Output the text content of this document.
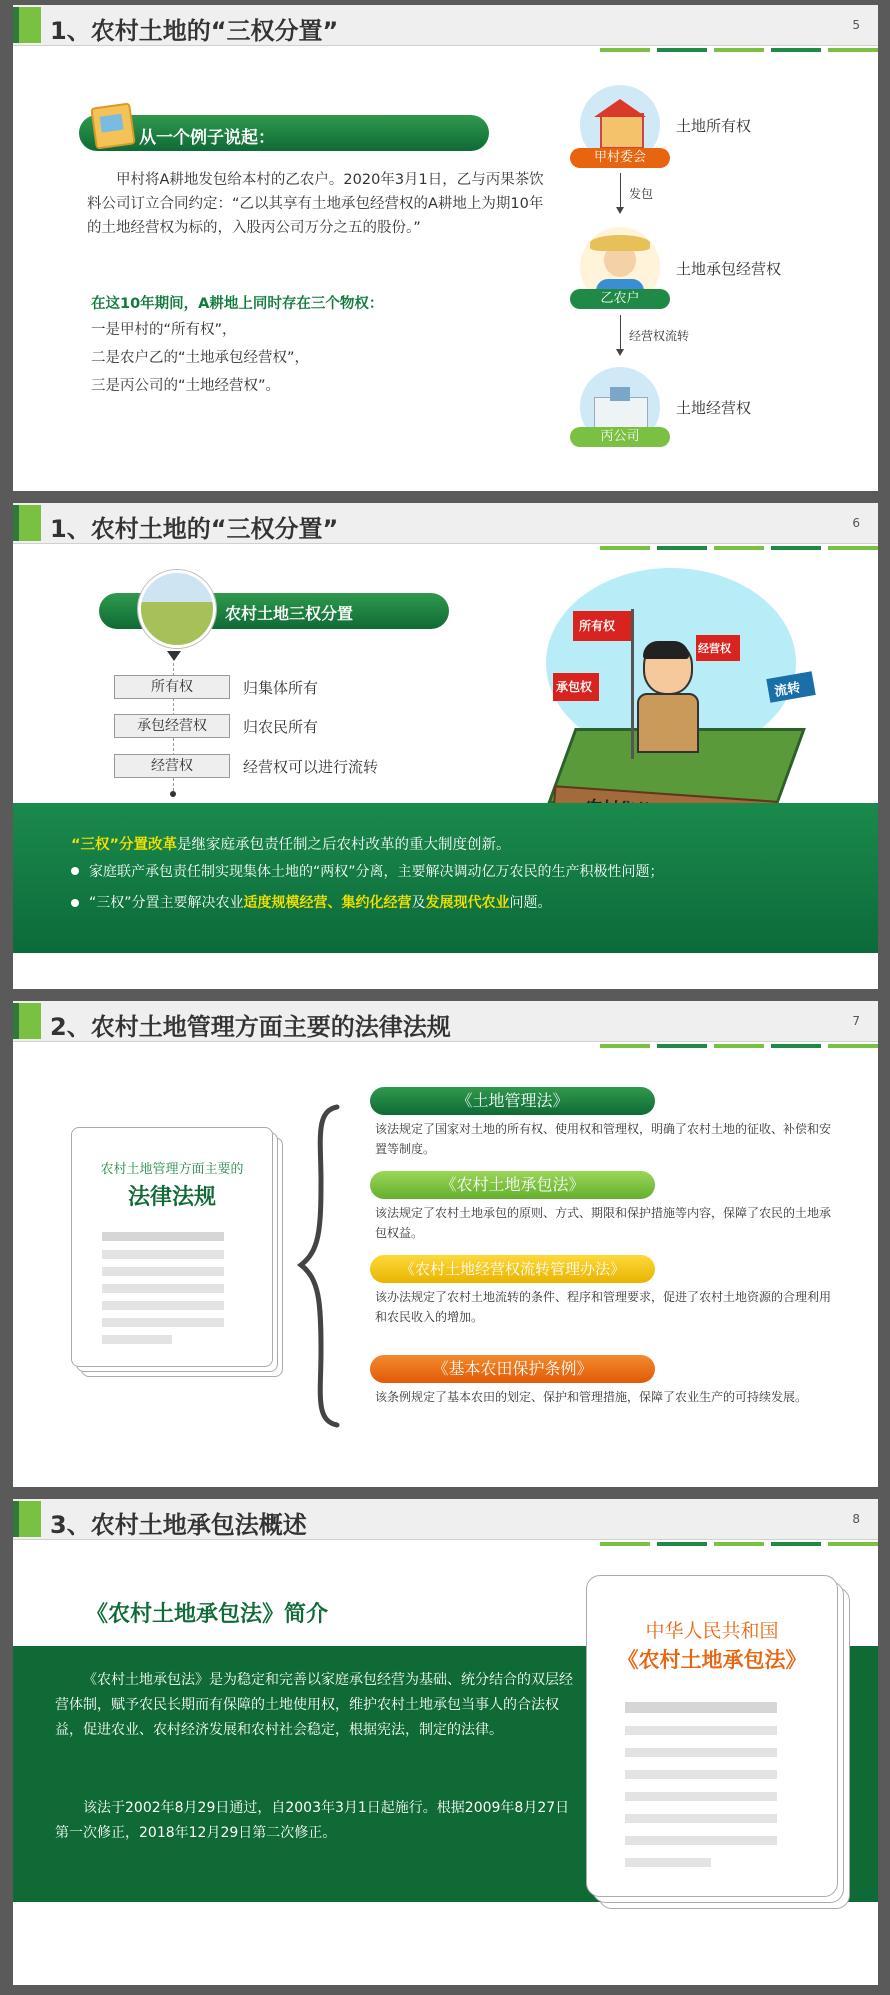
1、农村土地的“三权分置”	5
从一个例子说起：
甲村将A耕地发包给本村的乙农户。2020年3月1日，乙与丙果茶饮料公司订立合同约定：“乙以其享有土地承包经营权的A耕地上为期10年的土地经营权为标的，入股丙公司万分之五的股份。”
在这10年期间，A耕地上同时存在三个物权：
一是甲村的“所有权”，
二是农户乙的“土地承包经营权”，
三是丙公司的“土地经营权”。
甲村委会
土地所有权
发包
乙农户
土地承包经营权
经营权流转
丙公司
土地经营权
1、农村土地的“三权分置”	6
农村土地三权分置
所有权	归集体所有
承包经营权	归农民所有
经营权	经营权可以进行流转
所有权
承包权
经营权
流转
“三权”分置改革是继家庭承包责任制之后农村改革的重大制度创新。
家庭联产承包责任制实现集体土地的“两权”分离，主要解决调动亿万农民的生产积极性问题；
“三权”分置主要解决农业适度规模经营、集约化经营及发展现代农业问题。
2、农村土地管理方面主要的法律法规	7
农村土地管理方面主要的
法律法规
《土地管理法》
该法规定了国家对土地的所有权、使用权和管理权，明确了农村土地的征收、补偿和安置等制度。
《农村土地承包法》
该法规定了农村土地承包的原则、方式、期限和保护措施等内容，保障了农民的土地承包权益。
《农村土地经营权流转管理办法》
该办法规定了农村土地流转的条件、程序和管理要求，促进了农村土地资源的合理利用和农民收入的增加。
《基本农田保护条例》
该条例规定了基本农田的划定、保护和管理措施，保障了农业生产的可持续发展。
3、农村土地承包法概述	8
《农村土地承包法》简介
《农村土地承包法》是为稳定和完善以家庭承包经营为基础、统分结合的双层经营体制，赋予农民长期而有保障的土地使用权，维护农村土地承包当事人的合法权益，促进农业、农村经济发展和农村社会稳定，根据宪法，制定的法律。
该法于2002年8月29日通过，自2003年3月1日起施行。根据2009年8月27日第一次修正，2018年12月29日第二次修正。
中华人民共和国
《农村土地承包法》
